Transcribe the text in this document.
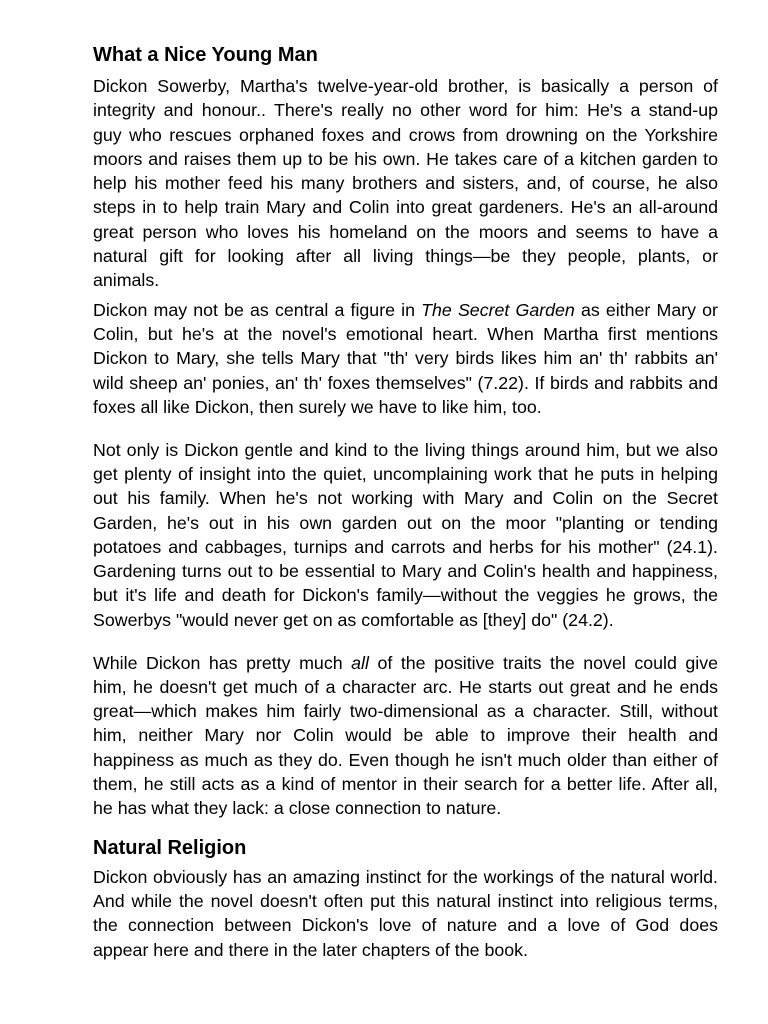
What a Nice Young Man
Dickon Sowerby, Martha's twelve-year-old brother, is basically a person of
integrity and honour.. There's really no other word for him: He's a stand-up
guy who rescues orphaned foxes and crows from drowning on the Yorkshire
moors and raises them up to be his own. He takes care of a kitchen garden to
help his mother feed his many brothers and sisters, and, of course, he also
steps in to help train Mary and Colin into great gardeners. He's an all-around
great person who loves his homeland on the moors and seems to have a
natural gift for looking after all living things—be they people, plants, or
animals.
Dickon may not be as central a figure in The Secret Garden as either Mary or
Colin, but he's at the novel's emotional heart. When Martha first mentions
Dickon to Mary, she tells Mary that "th' very birds likes him an' th' rabbits an'
wild sheep an' ponies, an' th' foxes themselves" (7.22). If birds and rabbits and
foxes all like Dickon, then surely we have to like him, too.
Not only is Dickon gentle and kind to the living things around him, but we also
get plenty of insight into the quiet, uncomplaining work that he puts in helping
out his family. When he's not working with Mary and Colin on the Secret
Garden, he's out in his own garden out on the moor "planting or tending
potatoes and cabbages, turnips and carrots and herbs for his mother" (24.1).
Gardening turns out to be essential to Mary and Colin's health and happiness,
but it's life and death for Dickon's family—without the veggies he grows, the
Sowerbys "would never get on as comfortable as [they] do" (24.2).
While Dickon has pretty much all of the positive traits the novel could give
him, he doesn't get much of a character arc. He starts out great and he ends
great—which makes him fairly two-dimensional as a character. Still, without
him, neither Mary nor Colin would be able to improve their health and
happiness as much as they do. Even though he isn't much older than either of
them, he still acts as a kind of mentor in their search for a better life. After all,
he has what they lack: a close connection to nature.
Natural Religion
Dickon obviously has an amazing instinct for the workings of the natural world.
And while the novel doesn't often put this natural instinct into religious terms,
the connection between Dickon's love of nature and a love of God does
appear here and there in the later chapters of the book.
